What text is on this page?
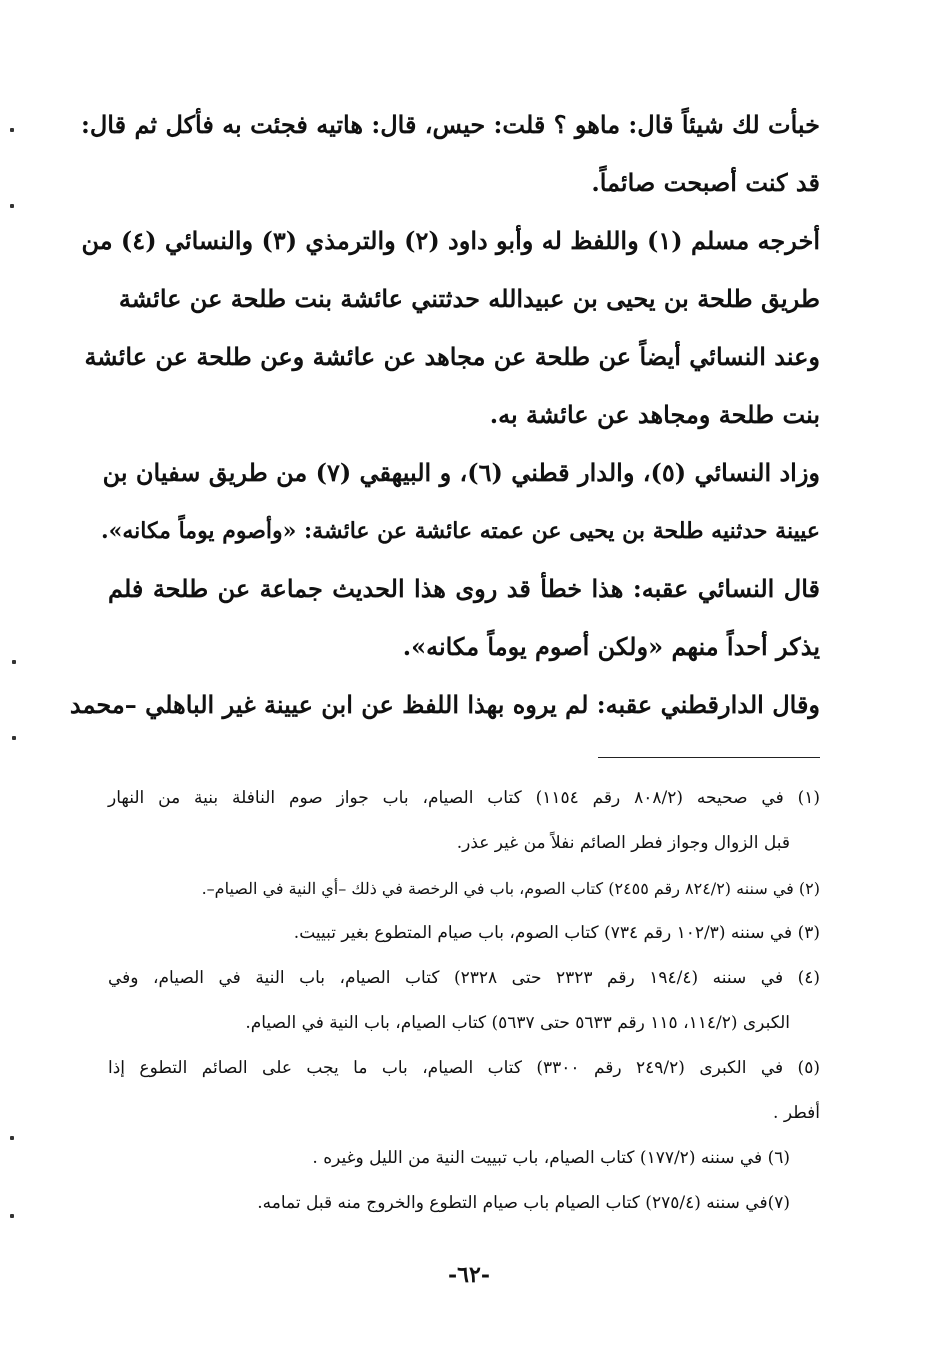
خبأت لك شيئاً قال: ماهو ؟ قلت: حيس، قال: هاتيه فجئت به فأكل ثم قال:
قد كنت أصبحت صائماً.
أخرجه مسلم (١) واللفظ له وأبو داود (٢) والترمذي (٣) والنسائي (٤) من
طريق طلحة بن يحيى بن عبيدالله حدثتني عائشة بنت طلحة عن عائشة
وعند النسائي أيضاً عن طلحة عن مجاهد عن عائشة وعن طلحة عن عائشة
بنت طلحة ومجاهد عن عائشة به.
وزاد النسائي (٥)، والدار قطني (٦)، و البيهقي (٧) من طريق سفيان بن
عيينة حدثنيه طلحة بن يحيى عن عمته عائشة عن عائشة: «وأصوم يوماً مكانه».
قال النسائي عقبه: هذا خطأ قد روى هذا الحديث جماعة عن طلحة فلم
يذكر أحداً منهم «ولكن أصوم يوماً مكانه».
وقال الدارقطني عقبه: لم يروه بهذا اللفظ عن ابن عيينة غير الباهلي –محمد
(١) في صحيحه (٨٠٨/٢ رقم ١١٥٤) كتاب الصيام، باب جواز صوم النافلة بنية من النهار
قبل الزوال وجواز فطر الصائم نفلاً من غير عذر.
(٢) في سننه (٨٢٤/٢ رقم ٢٤٥٥) كتاب الصوم، باب في الرخصة في ذلك –أي النية في الصيام–.
(٣) في سننه (١٠٢/٣ رقم ٧٣٤) كتاب الصوم، باب صيام المتطوع بغير تبييت.
(٤) في سننه (١٩٤/٤ رقم ٢٣٢٣ حتى ٢٣٢٨) كتاب الصيام، باب النية في الصيام، وفي
الكبرى (١١٤/٢، ١١٥ رقم ٥٦٣٣ حتى ٥٦٣٧) كتاب الصيام، باب النية في الصيام.
(٥) في الكبرى (٢٤٩/٢ رقم ٣٣٠٠) كتاب الصيام، باب ما يجب على الصائم التطوع إذا
أفطر .
(٦) في سننه (١٧٧/٢) كتاب الصيام، باب تبييت النية من الليل وغيره .
(٧)في سننه (٢٧٥/٤) كتاب الصيام باب صيام التطوع والخروج منه قبل تمامه.
-٦٢-
